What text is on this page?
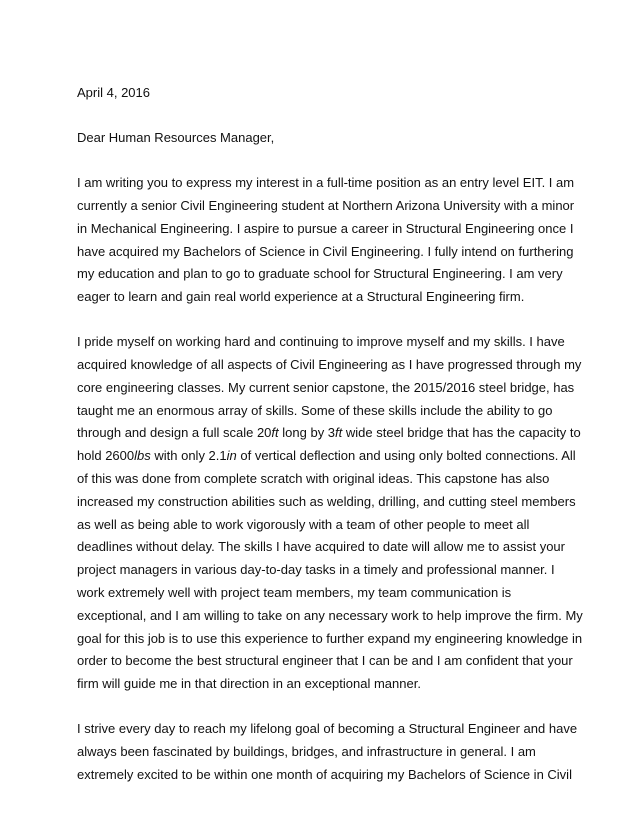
April 4, 2016
Dear Human Resources Manager,
I am writing you to express my interest in a full-time position as an entry level EIT. I am
currently a senior Civil Engineering student at Northern Arizona University with a minor
in Mechanical Engineering. I aspire to pursue a career in Structural Engineering once I
have acquired my Bachelors of Science in Civil Engineering. I fully intend on furthering
my education and plan to go to graduate school for Structural Engineering. I am very
eager to learn and gain real world experience at a Structural Engineering firm.
I pride myself on working hard and continuing to improve myself and my skills. I have
acquired knowledge of all aspects of Civil Engineering as I have progressed through my
core engineering classes. My current senior capstone, the 2015/2016 steel bridge, has
taught me an enormous array of skills. Some of these skills include the ability to go
through and design a full scale 20ft long by 3ft wide steel bridge that has the capacity to
hold 2600lbs with only 2.1in of vertical deflection and using only bolted connections. All
of this was done from complete scratch with original ideas. This capstone has also
increased my construction abilities such as welding, drilling, and cutting steel members
as well as being able to work vigorously with a team of other people to meet all
deadlines without delay. The skills I have acquired to date will allow me to assist your
project managers in various day-to-day tasks in a timely and professional manner. I
work extremely well with project team members, my team communication is
exceptional, and I am willing to take on any necessary work to help improve the firm. My
goal for this job is to use this experience to further expand my engineering knowledge in
order to become the best structural engineer that I can be and I am confident that your
firm will guide me in that direction in an exceptional manner.
I strive every day to reach my lifelong goal of becoming a Structural Engineer and have
always been fascinated by buildings, bridges, and infrastructure in general. I am
extremely excited to be within one month of acquiring my Bachelors of Science in Civil
